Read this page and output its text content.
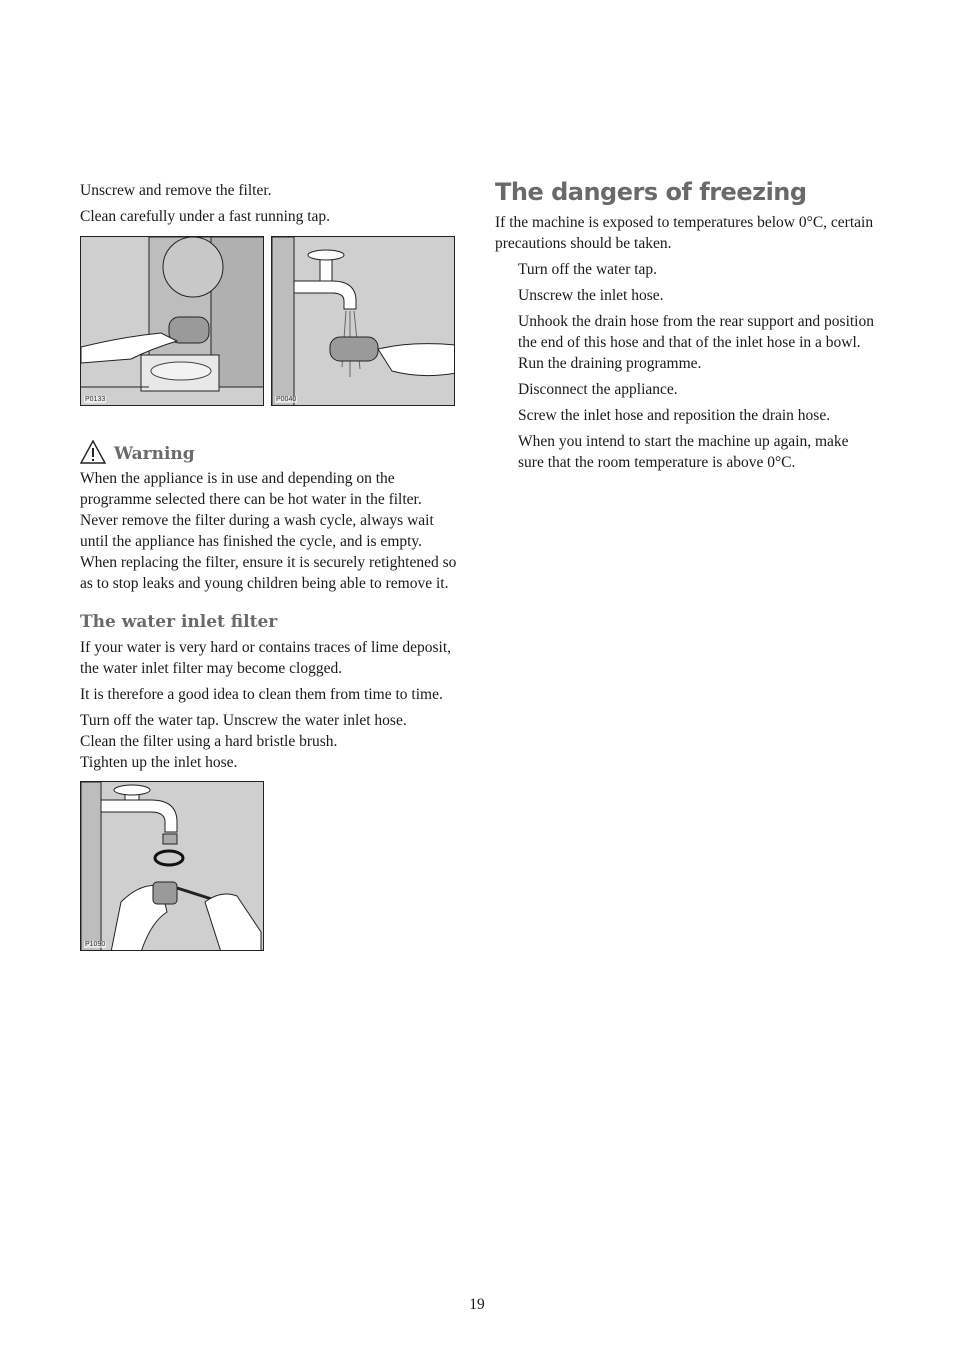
Unscrew and remove the filter.

Clean carefully under a fast running tap.

P0133	P0040
Warning

When the appliance is in use and depending on the programme selected there can be hot water in the filter. Never remove the filter during a wash cycle, always wait until the appliance has finished the cycle, and is empty. When replacing the filter, ensure it is securely retightened so as to stop leaks and young children being able to remove it.

The water inlet filter

If your water is very hard or contains traces of lime deposit, the water inlet filter may become clogged.

It is therefore a good idea to clean them from time to time.

Turn off the water tap. Unscrew the water inlet hose.
Clean the filter using a hard bristle brush.
Tighten up the inlet hose.

P1090
The dangers of freezing

If the machine is exposed to temperatures below 0°C, certain precautions should be taken.

Turn off the water tap.

Unscrew the inlet hose.

Unhook the drain hose from the rear support and position the end of this hose and that of the inlet hose in a bowl. Run the draining programme.

Disconnect the appliance.

Screw the inlet hose and reposition the drain hose.

When you intend to start the machine up again, make sure that the room temperature is above 0°C.

19
